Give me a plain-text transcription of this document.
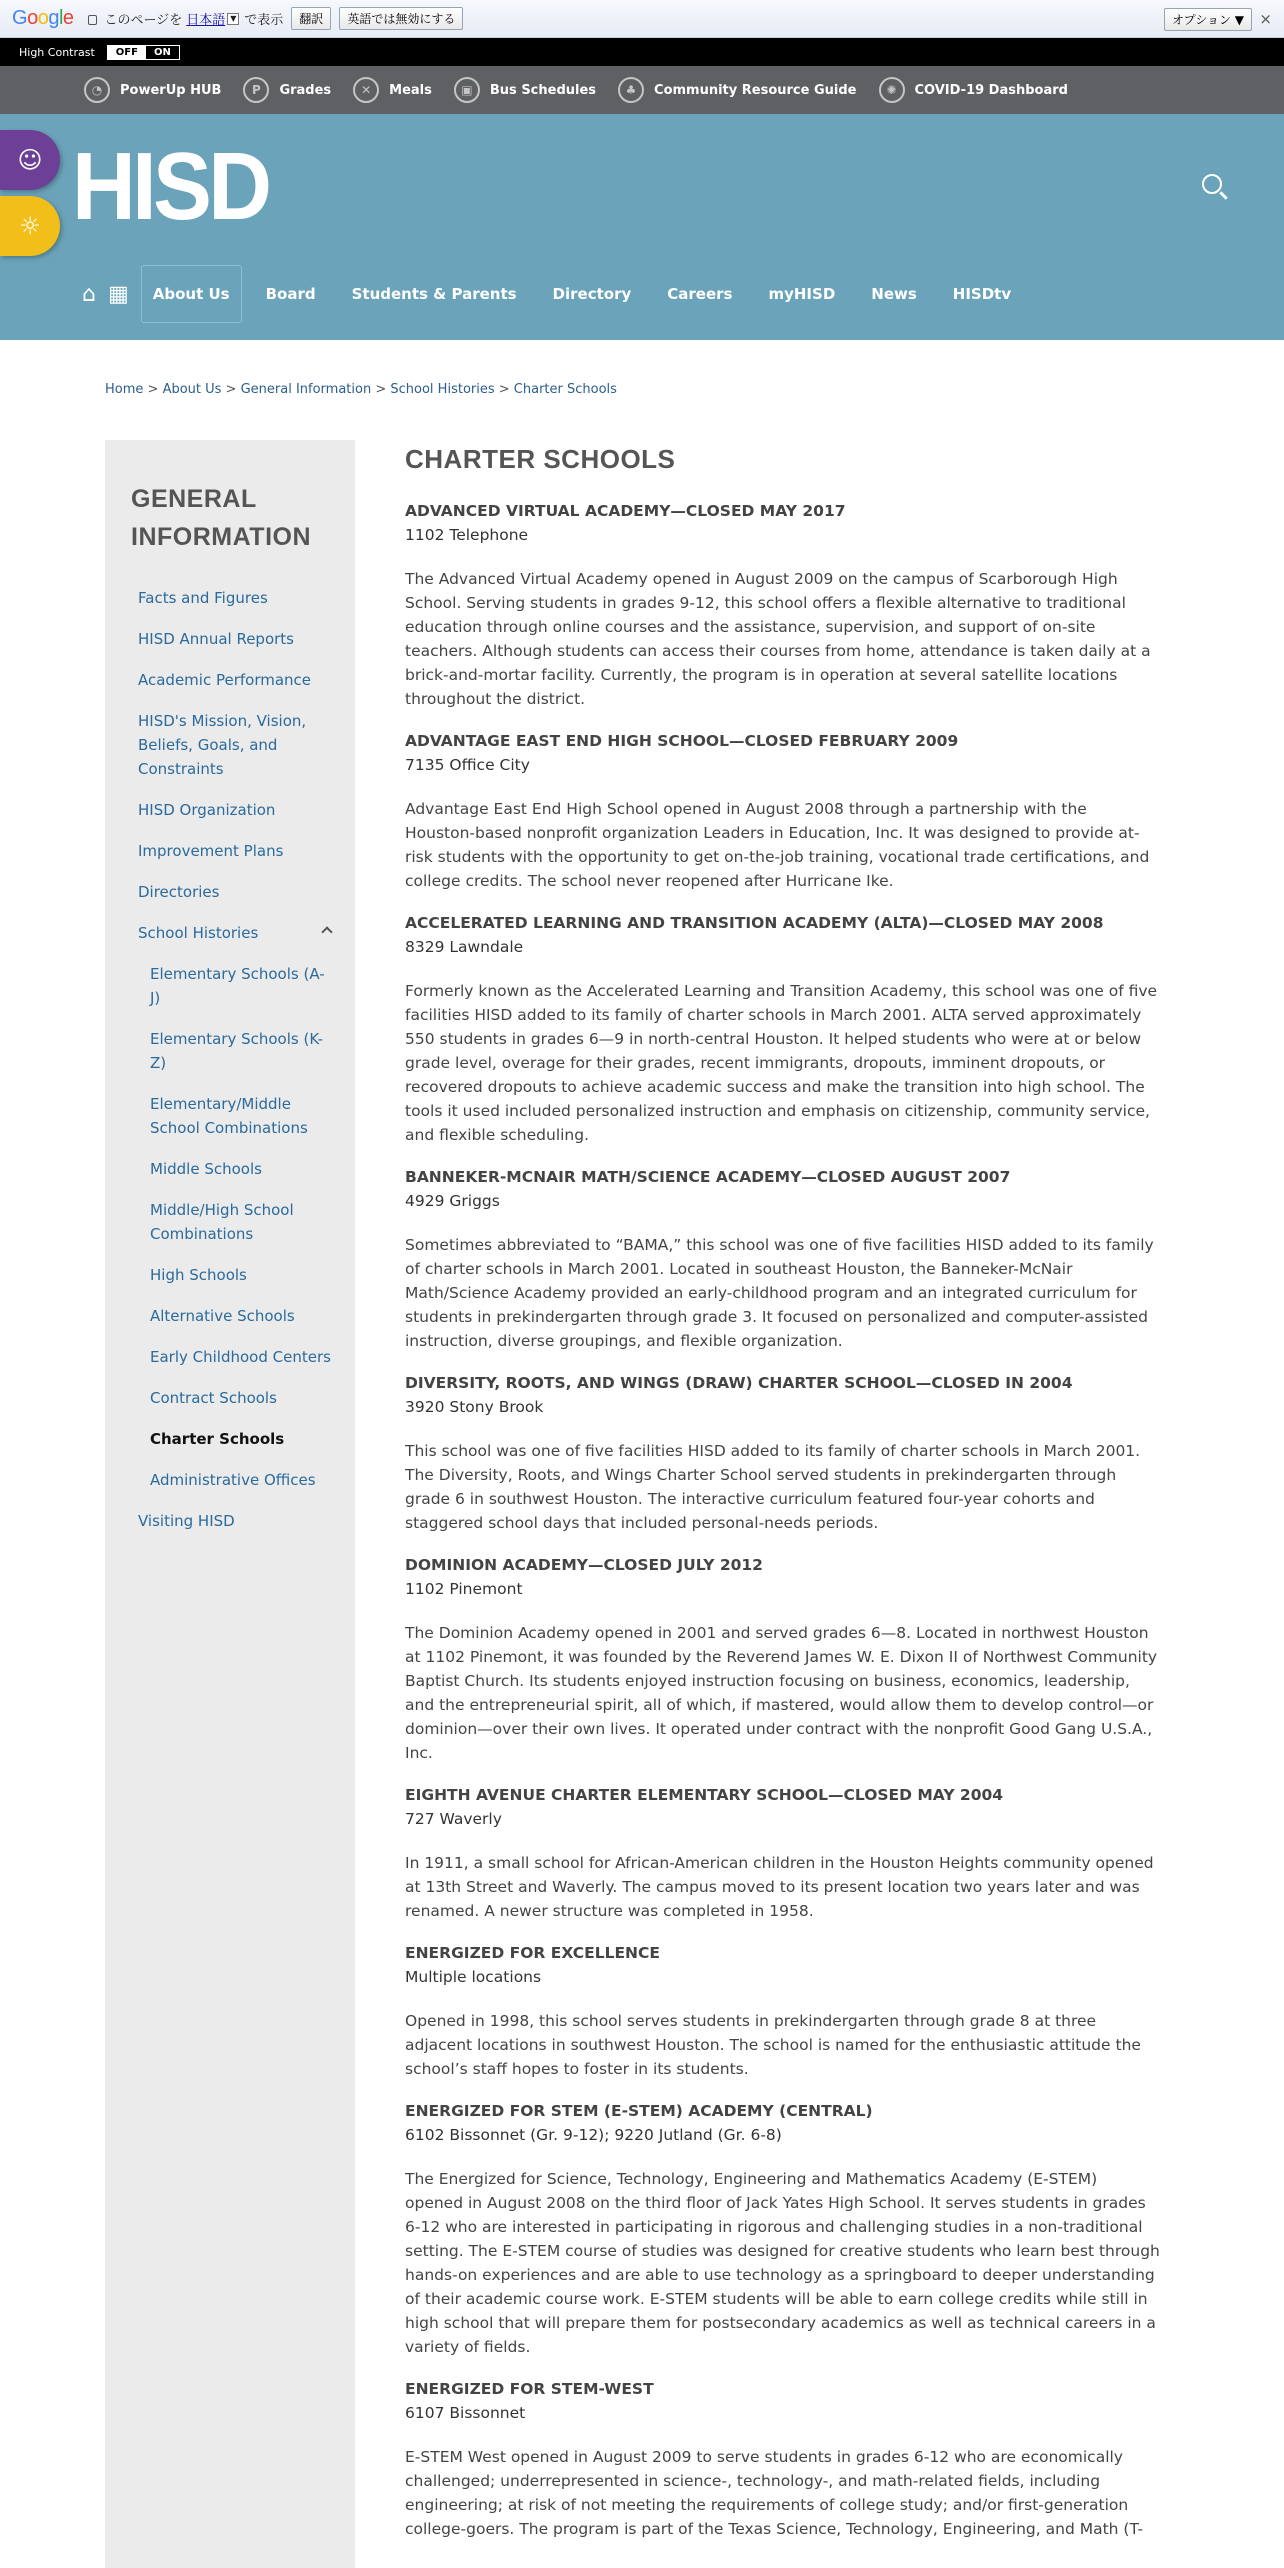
Google このページを 日本語 ▼ で表示	翻訳	英語では無効にする	オプション ▼	×
High Contrast	OFF	ON
◔	PowerUp HUB	P	Grades	✕	Meals	▣	Bus Schedules	♣	Community Resource Guide	✺	COVID-19 Dashboard
☺
☼ HISD
⌂ ▦	About Us	Board	Students & Parents	Directory	Careers	myHISD	News	HISDtv
Home > About Us > General Information > School Histories > Charter Schools
GENERAL INFORMATION
Facts and Figures
HISD Annual Reports
Academic Performance
HISD's Mission, Vision, Beliefs, Goals, and Constraints
HISD Organization
Improvement Plans
Directories
School Histories
Elementary Schools (A-J)
Elementary Schools (K-Z)
Elementary/Middle School Combinations
Middle Schools
Middle/High School Combinations
High Schools
Alternative Schools
Early Childhood Centers
Contract Schools
Charter Schools
Administrative Offices
Visiting HISD
CHARTER SCHOOLS
ADVANCED VIRTUAL ACADEMY—CLOSED MAY 2017
1102 Telephone
The Advanced Virtual Academy opened in August 2009 on the campus of Scarborough High School. Serving students in grades 9-12, this school offers a flexible alternative to traditional education through online courses and the assistance, supervision, and support of on-site teachers. Although students can access their courses from home, attendance is taken daily at a brick-and-mortar facility. Currently, the program is in operation at several satellite locations throughout the district.
ADVANTAGE EAST END HIGH SCHOOL—CLOSED FEBRUARY 2009
7135 Office City
Advantage East End High School opened in August 2008 through a partnership with the Houston-based nonprofit organization Leaders in Education, Inc. It was designed to provide at-risk students with the opportunity to get on-the-job training, vocational trade certifications, and college credits. The school never reopened after Hurricane Ike.
ACCELERATED LEARNING AND TRANSITION ACADEMY (ALTA)—CLOSED MAY 2008
8329 Lawndale
Formerly known as the Accelerated Learning and Transition Academy, this school was one of five facilities HISD added to its family of charter schools in March 2001. ALTA served approximately 550 students in grades 6—9 in north-central Houston. It helped students who were at or below grade level, overage for their grades, recent immigrants, dropouts, imminent dropouts, or recovered dropouts to achieve academic success and make the transition into high school. The tools it used included personalized instruction and emphasis on citizenship, community service, and flexible scheduling.
BANNEKER-MCNAIR MATH/SCIENCE ACADEMY—CLOSED AUGUST 2007
4929 Griggs
Sometimes abbreviated to “BAMA,” this school was one of five facilities HISD added to its family of charter schools in March 2001. Located in southeast Houston, the Banneker-McNair Math/Science Academy provided an early-childhood program and an integrated curriculum for students in prekindergarten through grade 3. It focused on personalized and computer-assisted instruction, diverse groupings, and flexible organization.
DIVERSITY, ROOTS, AND WINGS (DRAW) CHARTER SCHOOL—CLOSED IN 2004
3920 Stony Brook
This school was one of five facilities HISD added to its family of charter schools in March 2001. The Diversity, Roots, and Wings Charter School served students in prekindergarten through grade 6 in southwest Houston. The interactive curriculum featured four-year cohorts and staggered school days that included personal-needs periods.
DOMINION ACADEMY—CLOSED JULY 2012
1102 Pinemont
The Dominion Academy opened in 2001 and served grades 6—8. Located in northwest Houston at 1102 Pinemont, it was founded by the Reverend James W. E. Dixon II of Northwest Community Baptist Church. Its students enjoyed instruction focusing on business, economics, leadership, and the entrepreneurial spirit, all of which, if mastered, would allow them to develop control—or dominion—over their own lives. It operated under contract with the nonprofit Good Gang U.S.A., Inc.
EIGHTH AVENUE CHARTER ELEMENTARY SCHOOL—CLOSED MAY 2004
727 Waverly
In 1911, a small school for African-American children in the Houston Heights community opened at 13th Street and Waverly. The campus moved to its present location two years later and was renamed. A newer structure was completed in 1958.
ENERGIZED FOR EXCELLENCE
Multiple locations
Opened in 1998, this school serves students in prekindergarten through grade 8 at three adjacent locations in southwest Houston. The school is named for the enthusiastic attitude the school’s staff hopes to foster in its students.
ENERGIZED FOR STEM (E-STEM) ACADEMY (CENTRAL)
6102 Bissonnet (Gr. 9-12); 9220 Jutland (Gr. 6-8)
The Energized for Science, Technology, Engineering and Mathematics Academy (E-STEM) opened in August 2008 on the third floor of Jack Yates High School. It serves students in grades 6-12 who are interested in participating in rigorous and challenging studies in a non-traditional setting. The E-STEM course of studies was designed for creative students who learn best through hands-on experiences and are able to use technology as a springboard to deeper understanding of their academic course work. E-STEM students will be able to earn college credits while still in high school that will prepare them for postsecondary academics as well as technical careers in a variety of fields.
ENERGIZED FOR STEM-WEST
6107 Bissonnet
E-STEM West opened in August 2009 to serve students in grades 6-12 who are economically challenged; underrepresented in science-, technology-, and math-related fields, including engineering; at risk of not meeting the requirements of college study; and/or first-generation college-goers. The program is part of the Texas Science, Technology, Engineering, and Math (T-
